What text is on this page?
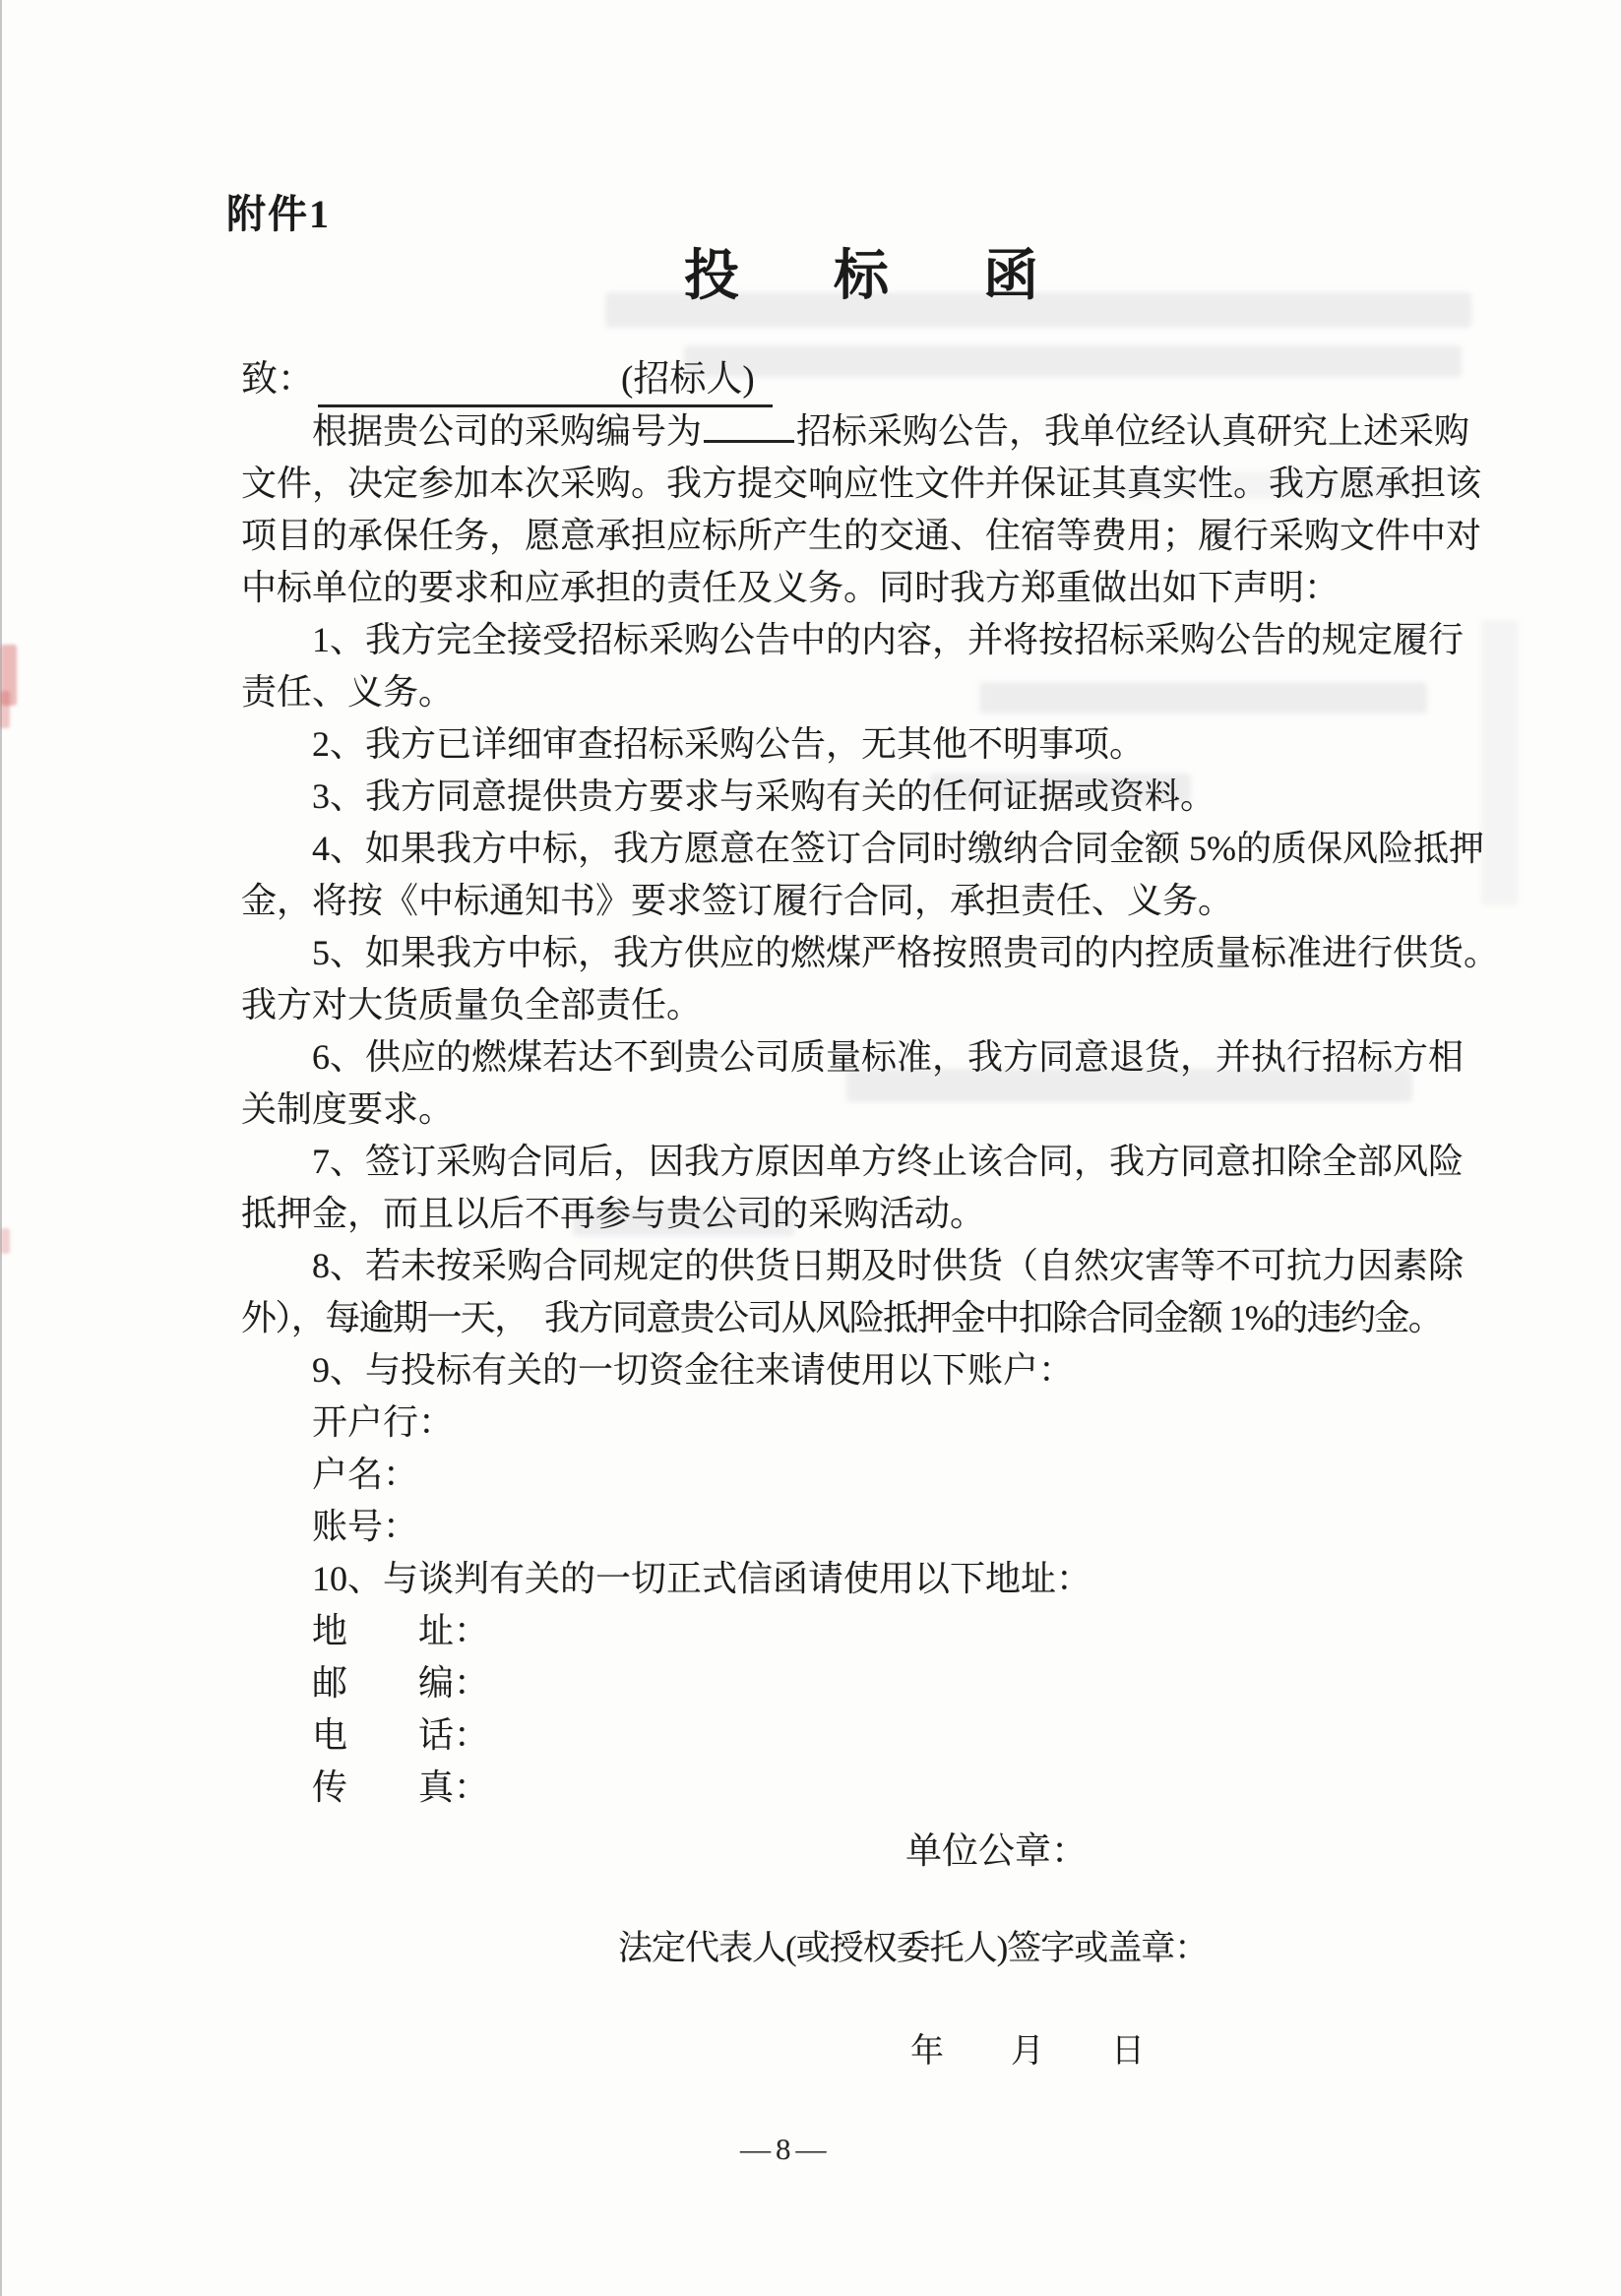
附件1
投　标　函
致：	(招标人)
根据贵公司的采购编号为	招标采购公告，我单位经认真研究上述采购
文件，决定参加本次采购。我方提交响应性文件并保证其真实性。我方愿承担该
项目的承保任务，愿意承担应标所产生的交通、住宿等费用；履行采购文件中对
中标单位的要求和应承担的责任及义务。同时我方郑重做出如下声明：
1、我方完全接受招标采购公告中的内容，并将按招标采购公告的规定履行
责任、义务。
2、我方已详细审查招标采购公告，无其他不明事项。
3、我方同意提供贵方要求与采购有关的任何证据或资料。
4、如果我方中标，我方愿意在签订合同时缴纳合同金额 5%的质保风险抵押
金，将按《中标通知书》要求签订履行合同，承担责任、义务。
5、如果我方中标，我方供应的燃煤严格按照贵司的内控质量标准进行供货。
我方对大货质量负全部责任。
6、供应的燃煤若达不到贵公司质量标准，我方同意退货，并执行招标方相
关制度要求。
7、签订采购合同后，因我方原因单方终止该合同，我方同意扣除全部风险
抵押金，而且以后不再参与贵公司的采购活动。
8、若未按采购合同规定的供货日期及时供货（自然灾害等不可抗力因素除
外），每逾期一天，　我方同意贵公司从风险抵押金中扣除合同金额 1%的违约金。
9、与投标有关的一切资金往来请使用以下账户：
开户行：
户名：
账号：
10、与谈判有关的一切正式信函请使用以下地址：
地　　址：
邮　　编：
电　　话：
传　　真：
单位公章：
法定代表人(或授权委托人)签字或盖章：
年　　月　　日
—8—
